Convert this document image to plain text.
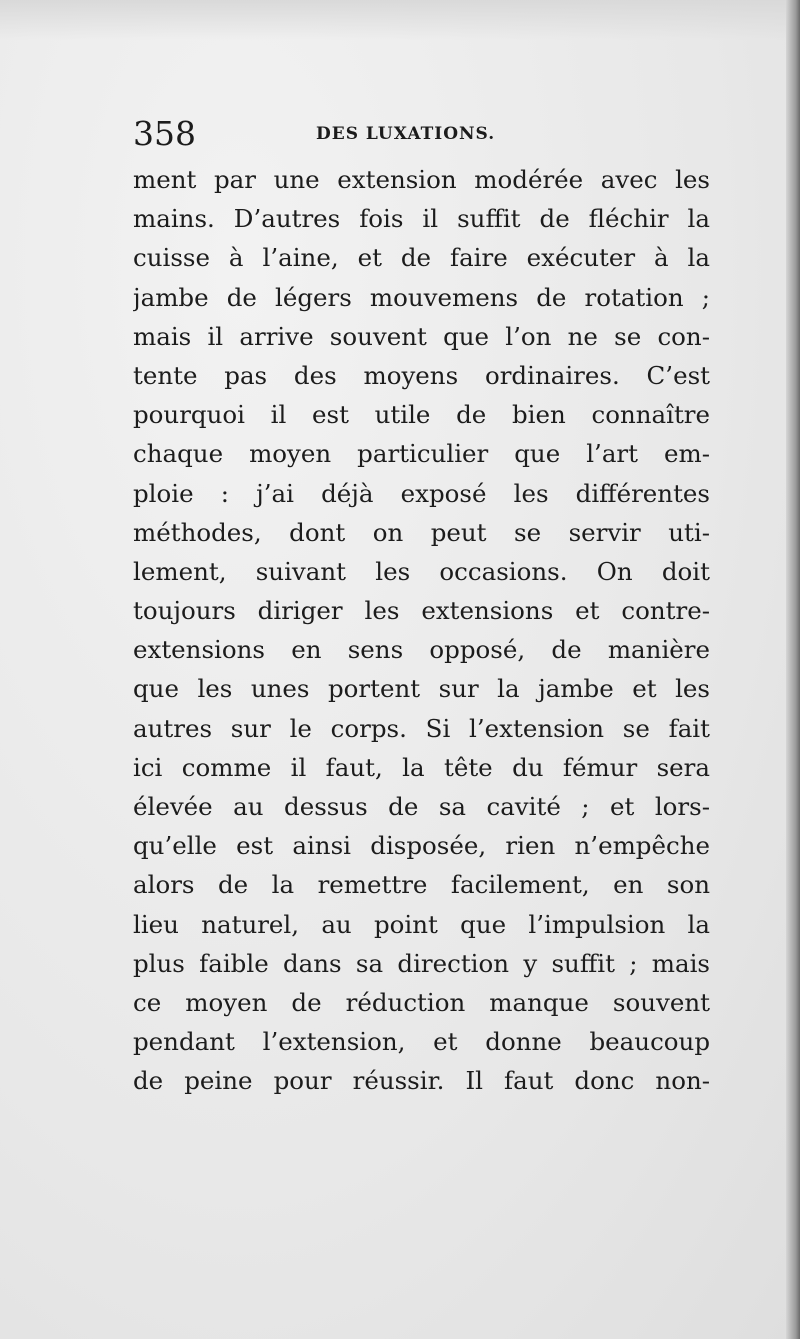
358	DES LUXATIONS.
ment par une extension modérée avec les
mains. D’autres fois il suffit de fléchir la
cuisse à l’aine, et de faire exécuter à la
jambe de légers mouvemens de rotation ;
mais il arrive souvent que l’on ne se con-
tente pas des moyens ordinaires. C’est
pourquoi il est utile de bien connaître
chaque moyen particulier que l’art em-
ploie : j’ai déjà exposé les différentes
méthodes, dont on peut se servir uti-
lement, suivant les occasions. On doit
toujours diriger les extensions et contre-
extensions en sens opposé, de manière
que les unes portent sur la jambe et les
autres sur le corps. Si l’extension se fait
ici comme il faut, la tête du fémur sera
élevée au dessus de sa cavité ; et lors-
qu’elle est ainsi disposée, rien n’empêche
alors de la remettre facilement, en son
lieu naturel, au point que l’impulsion la
plus faible dans sa direction y suffit ; mais
ce moyen de réduction manque souvent
pendant l’extension, et donne beaucoup
de peine pour réussir. Il faut donc non-
